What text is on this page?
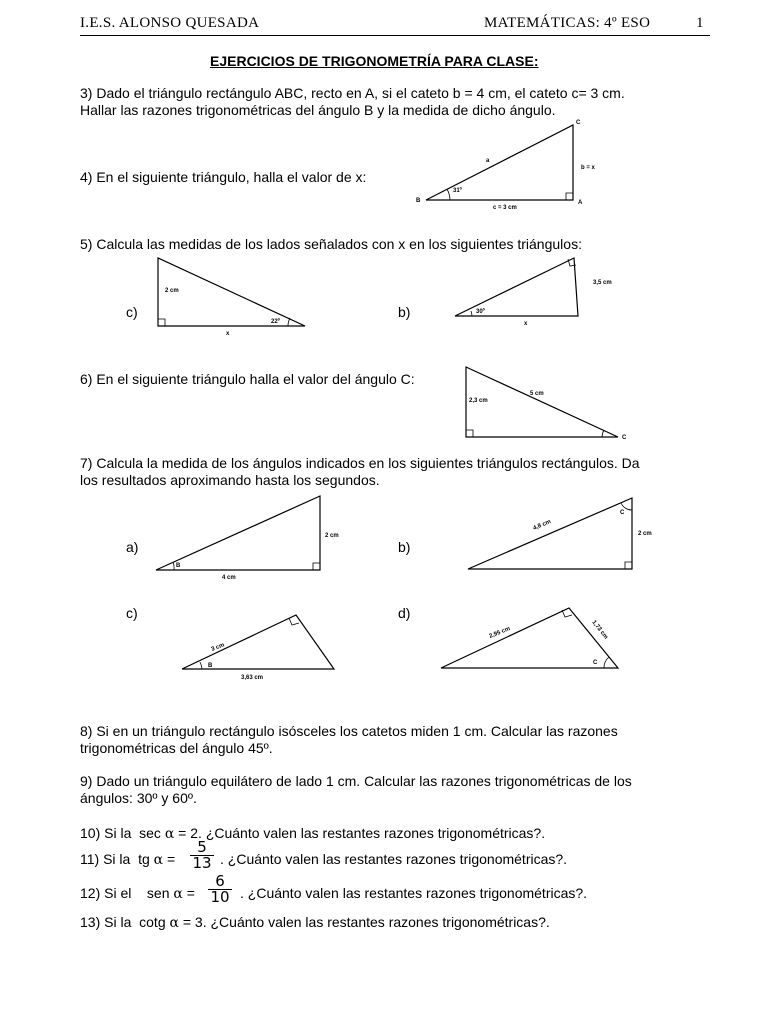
I.E.S. ALONSO QUESADA	MATEMÁTICAS: 4º ESO	1
EJERCICIOS DE TRIGONOMETRÍA PARA CLASE:
3) Dado el triángulo rectángulo ABC, recto en A, si el cateto b = 4 cm, el cateto c= 3 cm.
Hallar las razones trigonométricas del ángulo B y la medida de dicho ángulo.
4) En el siguiente triángulo, halla el valor de x:
C
a
b = x
31º
B
c = 3 cm
A
5) Calcula las medidas de los lados señalados con x en los siguientes triángulos:
c)	b)
2 cm
22º
x
3,5 cm
30º
x
6) En el siguiente triángulo halla el valor del ángulo C:
5 cm
2,3 cm
C
7) Calcula la medida de los ángulos indicados en los siguientes triángulos rectángulos. Da
los resultados aproximando hasta los segundos.
a)	b)
c)	d)
2 cm
4 cm
B
4,8 cm
2 cm
C
3 cm
3,63 cm
B
2,95 cm	1,73 cm
C
8) Si en un triángulo rectángulo isósceles los catetos miden 1 cm. Calcular las razones
trigonométricas del ángulo 45º.
9) Dado un triángulo equilátero de lado 1 cm. Calcular las razones trigonométricas de los
ángulos: 30º y 60º.
10) Si la  sec α = 2. ¿Cuánto valen las restantes razones trigonométricas?.
11) Si la  tg $\alpha = \frac{5}{13}$ . ¿Cuánto valen las restantes razones trigonométricas?.
12) Si el    sen $\alpha = \frac{6}{10}$ . ¿Cuánto valen las restantes razones trigonométricas?.
13) Si la  cotg α = 3. ¿Cuánto valen las restantes razones trigonométricas?.
